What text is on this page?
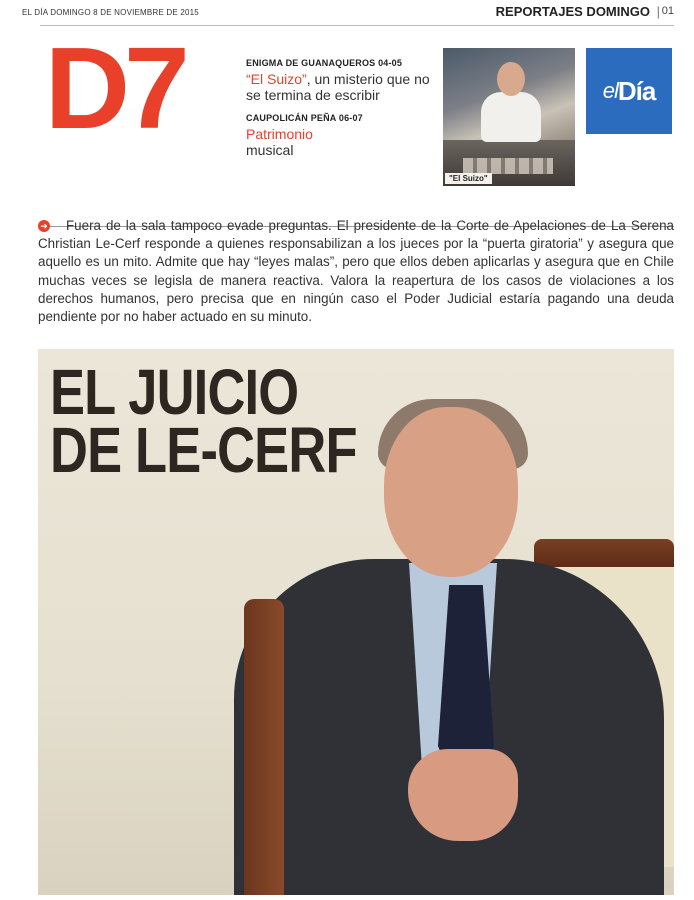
EL DÍA DOMINGO 8 DE NOVIEMBRE DE 2015	REPORTAJES DOMINGO | 01
D7	ENIGMA DE GUANAQUEROS 04-05
“El Suizo”, un misterio que no se termina de escribir
CAUPOLICÁN PEÑA 06-07
Patrimonio
musical
"El Suizo"
el Día
➜ Fuera de la sala tampoco evade preguntas. El presidente de la Corte de Apelaciones de La Serena Christian Le-Cerf responde a quienes responsabilizan a los jueces por la “puerta giratoria” y asegura que aquello es un mito. Admite que hay “leyes malas”, pero que ellos deben aplicarlas y asegura que en Chile muchas veces se legisla de manera reactiva. Valora la reapertura de los casos de violaciones a los derechos humanos, pero precisa que en ningún caso el Poder Judicial estaría pagando una deuda pendiente por no haber actuado en su minuto.
EL JUICIO
DE LE-CERF
